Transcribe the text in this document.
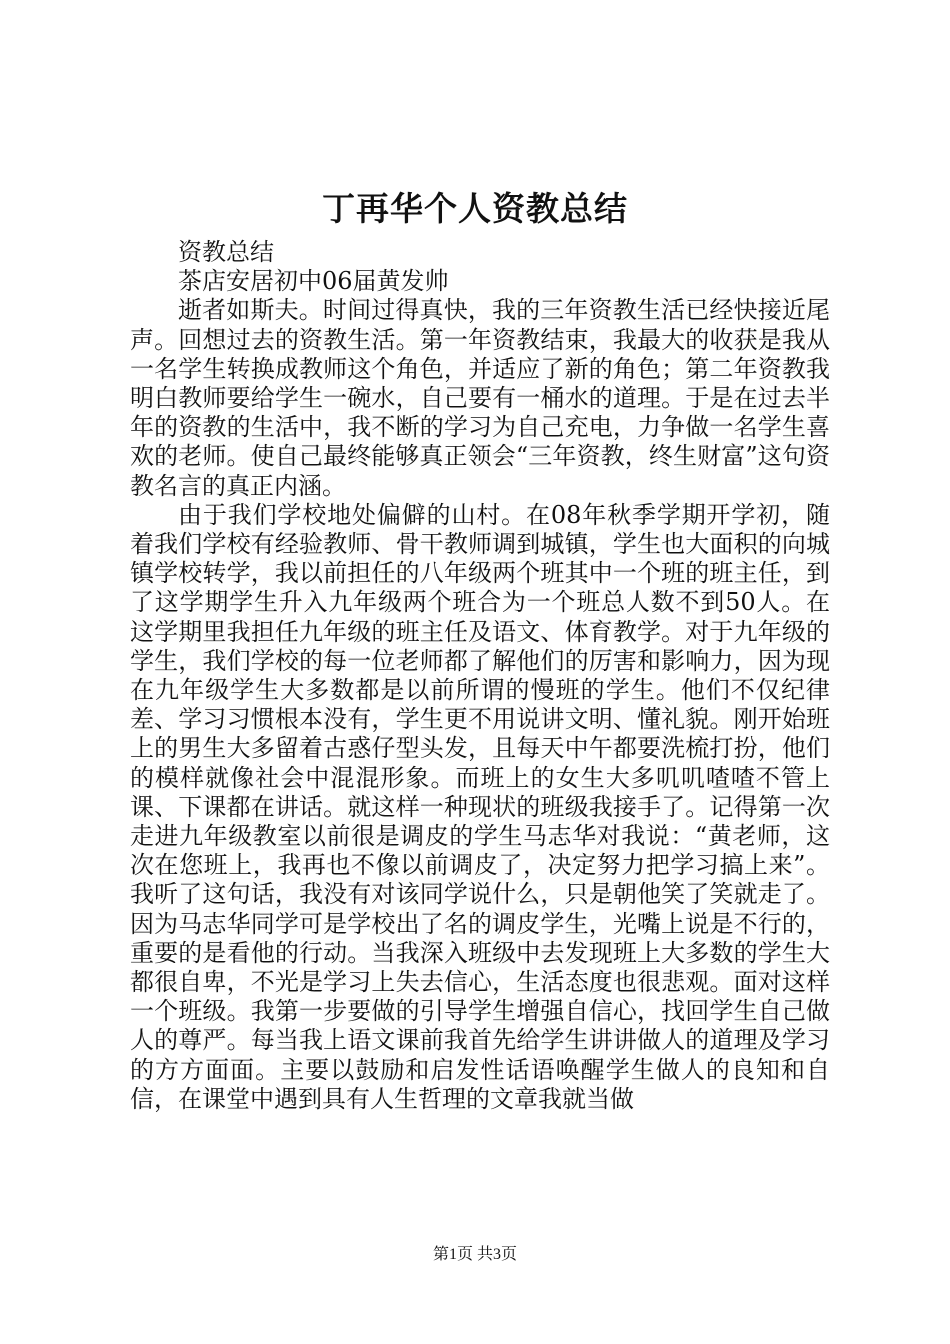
丁再华个人资教总结

资教总结

茶店安居初中06届黄发帅

逝者如斯夫。时间过得真快，我的三年资教生活已经快接近尾声。回想过去的资教生活。第一年资教结束，我最大的收获是我从一名学生转换成教师这个角色，并适应了新的角色；第二年资教我明白教师要给学生一碗水，自己要有一桶水的道理。于是在过去半年的资教的生活中，我不断的学习为自己充电，力争做一名学生喜欢的老师。使自己最终能够真正领会“三年资教，终生财富”这句资教名言的真正内涵。

由于我们学校地处偏僻的山村。在08年秋季学期开学初，随着我们学校有经验教师、骨干教师调到城镇，学生也大面积的向城镇学校转学，我以前担任的八年级两个班其中一个班的班主任，到了这学期学生升入九年级两个班合为一个班总人数不到50人。在这学期里我担任九年级的班主任及语文、体育教学。对于九年级的学生，我们学校的每一位老师都了解他们的厉害和影响力，因为现在九年级学生大多数都是以前所谓的慢班的学生。他们不仅纪律差、学习习惯根本没有，学生更不用说讲文明、懂礼貌。刚开始班上的男生大多留着古惑仔型头发，且每天中午都要洗梳打扮，他们的模样就像社会中混混形象。而班上的女生大多叽叽喳喳不管上课、下课都在讲话。就这样一种现状的班级我接手了。记得第一次走进九年级教室以前很是调皮的学生马志华对我说：“黄老师，这次在您班上，我再也不像以前调皮了，决定努力把学习搞上来”。我听了这句话，我没有对该同学说什么，只是朝他笑了笑就走了。因为马志华同学可是学校出了名的调皮学生，光嘴上说是不行的，重要的是看他的行动。当我深入班级中去发现班上大多数的学生大都很自卑，不光是学习上失去信心，生活态度也很悲观。面对这样一个班级。我第一步要做的引导学生增强自信心，找回学生自己做人的尊严。每当我上语文课前我首先给学生讲讲做人的道理及学习的方方面面。主要以鼓励和启发性话语唤醒学生做人的良知和自信，在课堂中遇到具有人生哲理的文章我就当做

第1页 共3页
